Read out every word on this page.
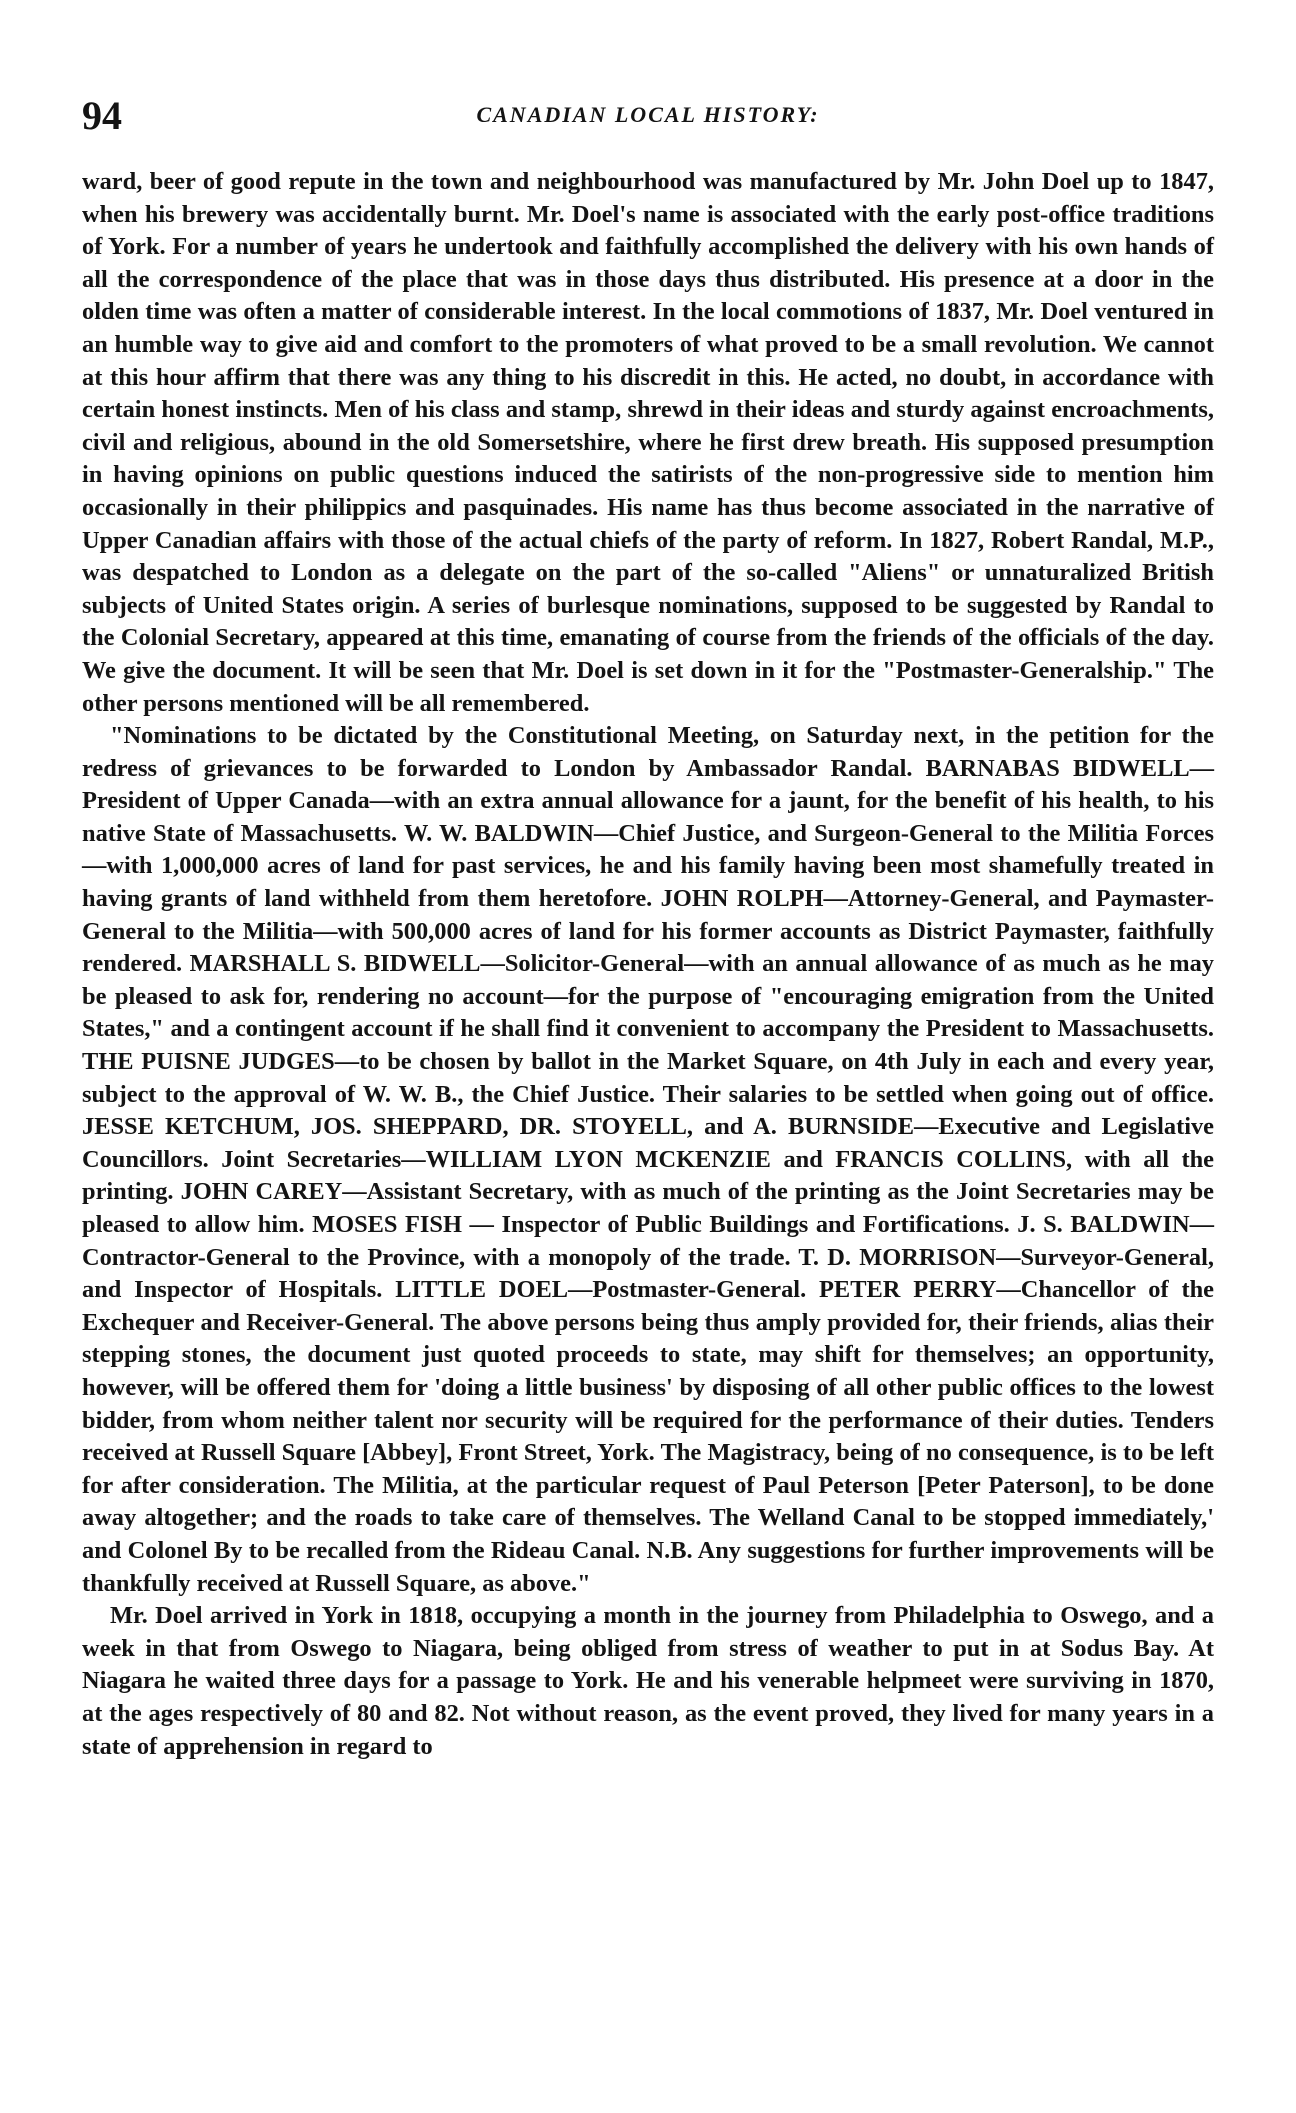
94	CANADIAN LOCAL HISTORY:

ward, beer of good repute in the town and neighbourhood was manufactured by Mr. John Doel up to 1847, when his brewery was accidentally burnt. Mr. Doel's name is associated with the early post-office traditions of York. For a number of years he undertook and faithfully accomplished the delivery with his own hands of all the correspondence of the place that was in those days thus distributed. His presence at a door in the olden time was often a matter of considerable interest. In the local commotions of 1837, Mr. Doel ventured in an humble way to give aid and comfort to the promoters of what proved to be a small revolution. We cannot at this hour affirm that there was any thing to his discredit in this. He acted, no doubt, in accordance with certain honest instincts. Men of his class and stamp, shrewd in their ideas and sturdy against encroachments, civil and religious, abound in the old Somersetshire, where he first drew breath. His supposed presumption in having opinions on public questions induced the satirists of the non-progressive side to mention him occasionally in their philippics and pasquinades. His name has thus become associated in the narrative of Upper Canadian affairs with those of the actual chiefs of the party of reform. In 1827, Robert Randal, M.P., was despatched to London as a delegate on the part of the so-called "Aliens" or unnaturalized British subjects of United States origin. A series of burlesque nominations, supposed to be suggested by Randal to the Colonial Secretary, appeared at this time, emanating of course from the friends of the officials of the day. We give the document. It will be seen that Mr. Doel is set down in it for the "Postmaster-Generalship." The other persons mentioned will be all remembered.

"Nominations to be dictated by the Constitutional Meeting, on Saturday next, in the petition for the redress of grievances to be forwarded to London by Ambassador Randal. BARNABAS BIDWELL—President of Upper Canada—with an extra annual allowance for a jaunt, for the benefit of his health, to his native State of Massachusetts. W. W. BALDWIN—Chief Justice, and Surgeon-General to the Militia Forces—with 1,000,000 acres of land for past services, he and his family having been most shamefully treated in having grants of land withheld from them heretofore. JOHN ROLPH—Attorney-General, and Paymaster-General to the Militia—with 500,000 acres of land for his former accounts as District Paymaster, faithfully rendered. MARSHALL S. BIDWELL—Solicitor-General—with an annual allowance of as much as he may be pleased to ask for, rendering no account—for the purpose of "encouraging emigration from the United States," and a contingent account if he shall find it convenient to accompany the President to Massachusetts. THE PUISNE JUDGES—to be chosen by ballot in the Market Square, on 4th July in each and every year, subject to the approval of W. W. B., the Chief Justice. Their salaries to be settled when going out of office. JESSE KETCHUM, JOS. SHEPPARD, DR. STOYELL, and A. BURNSIDE—Executive and Legislative Councillors. Joint Secretaries—WILLIAM LYON MCKENZIE and FRANCIS COLLINS, with all the printing. JOHN CAREY—Assistant Secretary, with as much of the printing as the Joint Secretaries may be pleased to allow him. MOSES FISH — Inspector of Public Buildings and Fortifications. J. S. BALDWIN—Contractor-General to the Province, with a monopoly of the trade. T. D. MORRISON—Surveyor-General, and Inspector of Hospitals. LITTLE DOEL—Postmaster-General. PETER PERRY—Chancellor of the Exchequer and Receiver-General. The above persons being thus amply provided for, their friends, alias their stepping stones, the document just quoted proceeds to state, may shift for themselves; an opportunity, however, will be offered them for 'doing a little business' by disposing of all other public offices to the lowest bidder, from whom neither talent nor security will be required for the performance of their duties. Tenders received at Russell Square [Abbey], Front Street, York. The Magistracy, being of no consequence, is to be left for after consideration. The Militia, at the particular request of Paul Peterson [Peter Paterson], to be done away altogether; and the roads to take care of themselves. The Welland Canal to be stopped immediately,' and Colonel By to be recalled from the Rideau Canal. N.B. Any suggestions for further improvements will be thankfully received at Russell Square, as above."

Mr. Doel arrived in York in 1818, occupying a month in the journey from Philadelphia to Oswego, and a week in that from Oswego to Niagara, being obliged from stress of weather to put in at Sodus Bay. At Niagara he waited three days for a passage to York. He and his venerable helpmeet were surviving in 1870, at the ages respectively of 80 and 82. Not without reason, as the event proved, they lived for many years in a state of apprehension in regard to
